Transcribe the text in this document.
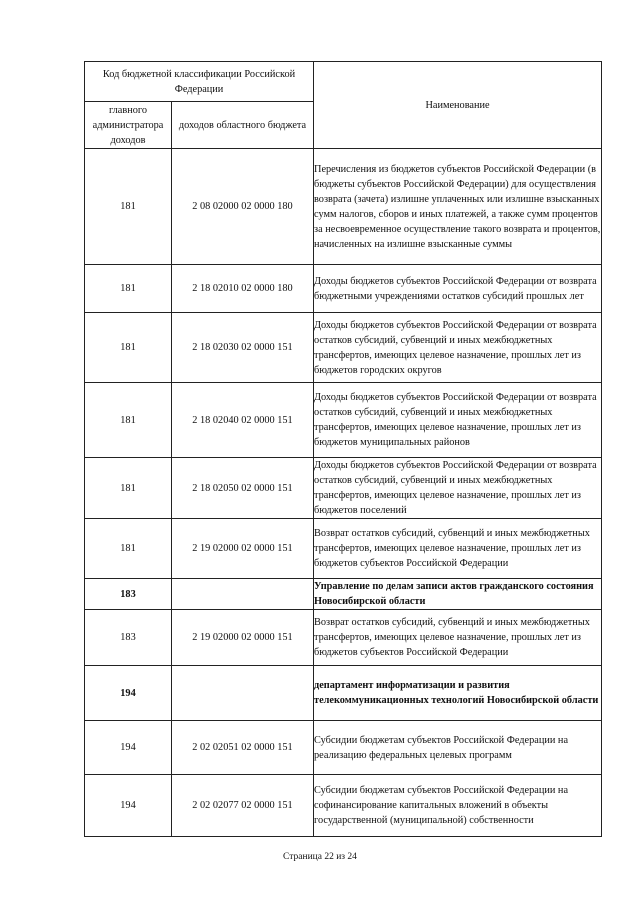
Код бюджетной классификации Российской Федерации		Наименование
главного администратора доходов	доходов областного бюджета	
181	2 08 02000 02 0000 180	Перечисления из бюджетов субъектов Российской Федерации (в бюджеты субъектов Российской Федерации) для осуществления возврата (зачета) излишне уплаченных или излишне взысканных сумм налогов, сборов и иных платежей, а также сумм процентов за несвоевременное осуществление такого возврата и процентов, начисленных на излишне взысканные суммы
181	2 18 02010 02 0000 180	Доходы бюджетов субъектов Российской Федерации от возврата бюджетными учреждениями остатков субсидий прошлых лет
181	2 18 02030 02 0000 151	Доходы бюджетов субъектов Российской Федерации от возврата остатков субсидий, субвенций и иных межбюджетных трансфертов, имеющих целевое назначение, прошлых лет из бюджетов городских округов
181	2 18 02040 02 0000 151	Доходы бюджетов субъектов Российской Федерации от возврата остатков субсидий, субвенций и иных межбюджетных трансфертов, имеющих целевое назначение, прошлых лет из бюджетов муниципальных районов
181	2 18 02050 02 0000 151	Доходы бюджетов субъектов Российской Федерации от возврата остатков субсидий, субвенций и иных межбюджетных трансфертов, имеющих целевое назначение, прошлых лет из бюджетов поселений
181	2 19 02000 02 0000 151	Возврат остатков субсидий, субвенций и иных межбюджетных трансфертов, имеющих целевое назначение, прошлых лет из бюджетов субъектов Российской Федерации
183		Управление по делам записи актов гражданского состояния Новосибирской области
183	2 19 02000 02 0000 151	Возврат остатков субсидий, субвенций и иных межбюджетных трансфертов, имеющих целевое назначение, прошлых лет из бюджетов субъектов Российской Федерации
194		департамент информатизации и развития телекоммуникационных технологий Новосибирской области
194	2 02 02051 02 0000 151	Субсидии бюджетам субъектов Российской Федерации на реализацию федеральных целевых программ
194	2 02 02077 02 0000 151	Субсидии бюджетам субъектов Российской Федерации на софинансирование капитальных вложений в объекты государственной (муниципальной) собственности
Страница 22 из 24
